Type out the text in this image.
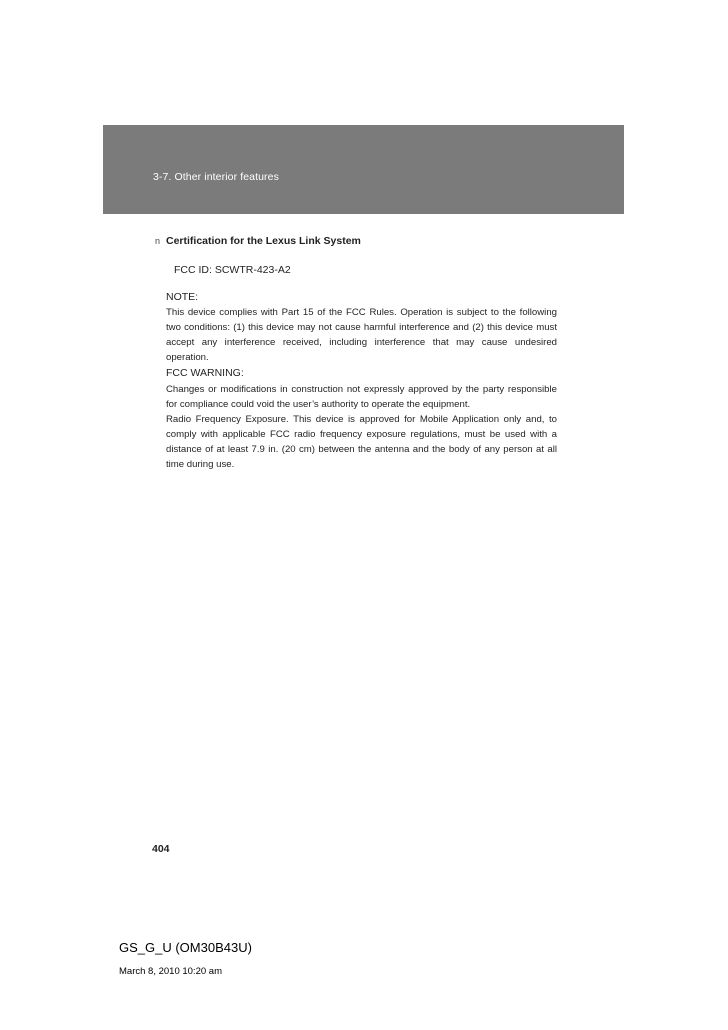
3-7. Other interior features
n Certification for the Lexus Link System
FCC ID: SCWTR-423-A2
NOTE:

This device complies with Part 15 of the FCC Rules. Operation is subject to the following two conditions: (1) this device may not cause harmful interference and (2) this device must accept any interference received, including interference that may cause undesired operation.

FCC WARNING:

Changes or modifications in construction not expressly approved by the party responsible for compliance could void the user’s authority to operate the equipment.

Radio Frequency Exposure. This device is approved for Mobile Application only and, to comply with applicable FCC radio frequency exposure regulations, must be used with a distance of at least 7.9 in. (20 cm) between the antenna and the body of any person at all time during use.

404
GS_G_U (OM30B43U)
March 8, 2010 10:20 am
